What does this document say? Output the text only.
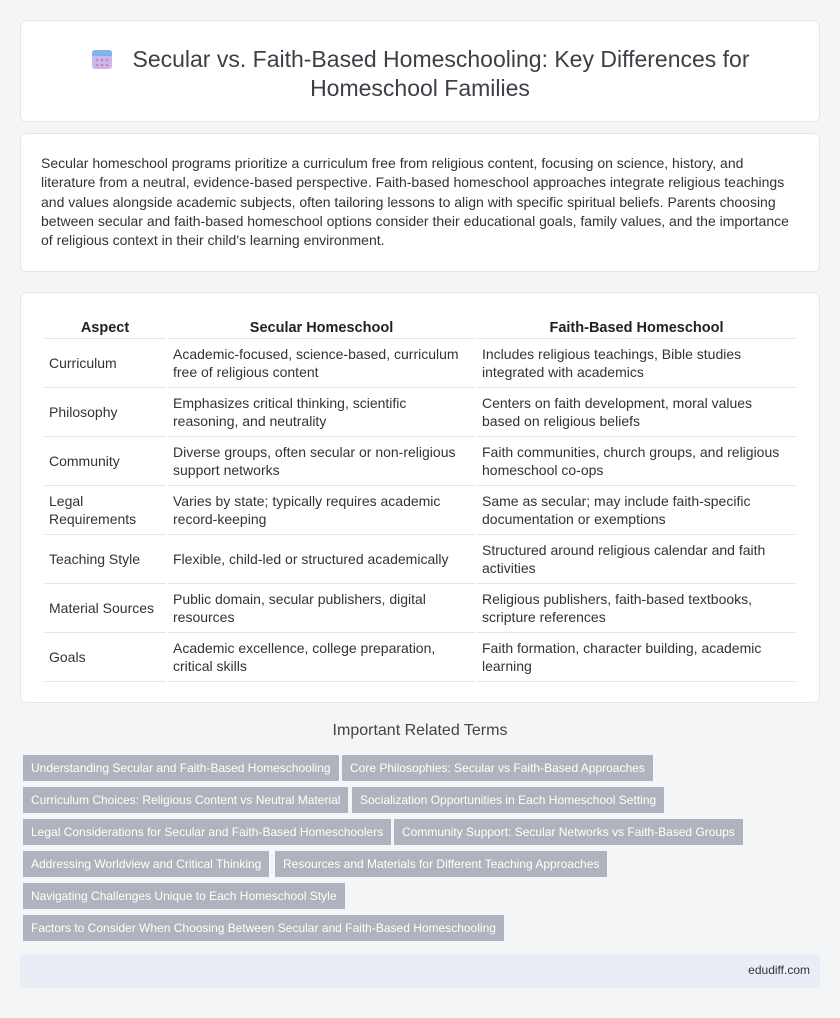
Secular vs. Faith-Based Homeschooling: Key Differences for Homeschool Families

Secular homeschool programs prioritize a curriculum free from religious content, focusing on science, history, and literature from a neutral, evidence-based perspective. Faith-based homeschool approaches integrate religious teachings and values alongside academic subjects, often tailoring lessons to align with specific spiritual beliefs. Parents choosing between secular and faith-based homeschool options consider their educational goals, family values, and the importance of religious context in their child's learning environment.

Aspect	Secular Homeschool	Faith-Based Homeschool
Curriculum	Academic-focused, science-based, curriculum free of religious content	Includes religious teachings, Bible studies integrated with academics
Philosophy	Emphasizes critical thinking, scientific reasoning, and neutrality	Centers on faith development, moral values based on religious beliefs
Community	Diverse groups, often secular or non-religious support networks	Faith communities, church groups, and religious homeschool co-ops
Legal Requirements	Varies by state; typically requires academic record-keeping	Same as secular; may include faith-specific documentation or exemptions
Teaching Style	Flexible, child-led or structured academically	Structured around religious calendar and faith activities
Material Sources	Public domain, secular publishers, digital resources	Religious publishers, faith-based textbooks, scripture references
Goals	Academic excellence, college preparation, critical skills	Faith formation, character building, academic learning
Important Related Terms
Understanding Secular and Faith-Based Homeschooling	Core Philosophies: Secular vs Faith-Based Approaches
Curriculum Choices: Religious Content vs Neutral Material	Socialization Opportunities in Each Homeschool Setting
Legal Considerations for Secular and Faith-Based Homeschoolers	Community Support: Secular Networks vs Faith-Based Groups
Addressing Worldview and Critical Thinking	Resources and Materials for Different Teaching Approaches
Navigating Challenges Unique to Each Homeschool Style
Factors to Consider When Choosing Between Secular and Faith-Based Homeschooling
edudiff.com
